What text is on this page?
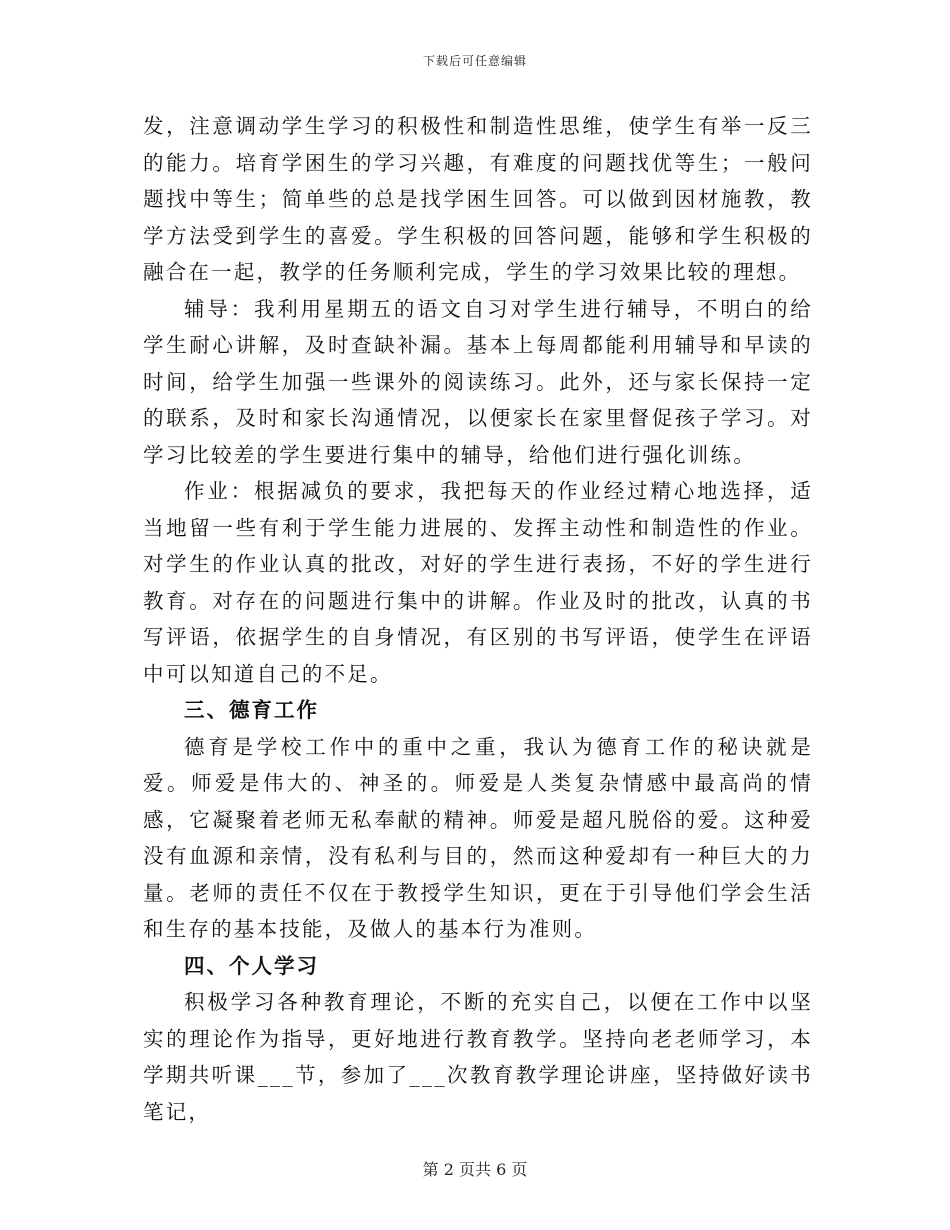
下载后可任意编辑

发，注意调动学生学习的积极性和制造性思维，使学生有举一反三的能力。培育学困生的学习兴趣，有难度的问题找优等生；一般问题找中等生；简单些的总是找学困生回答。可以做到因材施教，教学方法受到学生的喜爱。学生积极的回答问题，能够和学生积极的融合在一起，教学的任务顺利完成，学生的学习效果比较的理想。

辅导：我利用星期五的语文自习对学生进行辅导，不明白的给学生耐心讲解，及时查缺补漏。基本上每周都能利用辅导和早读的时间，给学生加强一些课外的阅读练习。此外，还与家长保持一定的联系，及时和家长沟通情况，以便家长在家里督促孩子学习。对学习比较差的学生要进行集中的辅导，给他们进行强化训练。

作业：根据减负的要求，我把每天的作业经过精心地选择，适当地留一些有利于学生能力进展的、发挥主动性和制造性的作业。对学生的作业认真的批改，对好的学生进行表扬，不好的学生进行教育。对存在的问题进行集中的讲解。作业及时的批改，认真的书写评语，依据学生的自身情况，有区别的书写评语，使学生在评语中可以知道自己的不足。

三、德育工作

德育是学校工作中的重中之重，我认为德育工作的秘诀就是爱。师爱是伟大的、神圣的。师爱是人类复杂情感中最高尚的情感，它凝聚着老师无私奉献的精神。师爱是超凡脱俗的爱。这种爱没有血源和亲情，没有私利与目的，然而这种爱却有一种巨大的力量。老师的责任不仅在于教授学生知识，更在于引导他们学会生活和生存的基本技能，及做人的基本行为准则。

四、个人学习

积极学习各种教育理论，不断的充实自己，以便在工作中以坚实的理论作为指导，更好地进行教育教学。坚持向老老师学习，本学期共听课___节，参加了___次教育教学理论讲座，坚持做好读书笔记，

第 2 页共 6 页
